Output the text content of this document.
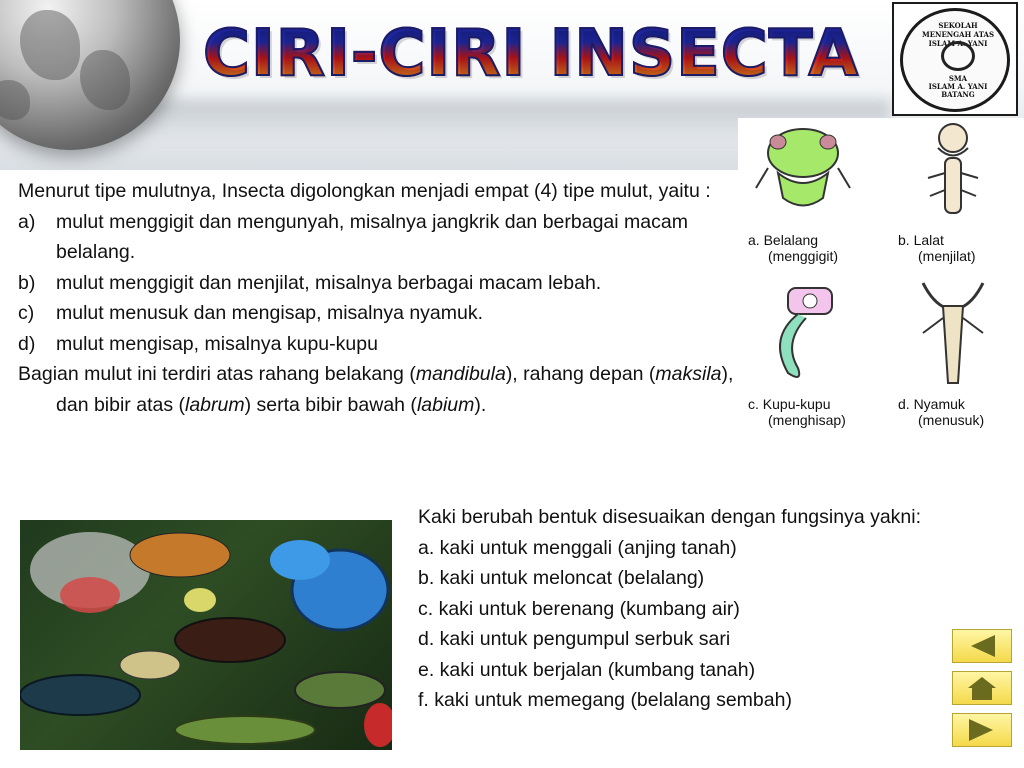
CIRI-CIRI INSECTA	SEKOLAH MENENGAH ATAS ISLAM A. YANI
SMA
ISLAM A. YANI
BATANG
a. Belalang
(menggigit)
b. Lalat
(menjilat)
c. Kupu-kupu
(menghisap)
d. Nyamuk
(menusuk)

Menurut tipe mulutnya, Insecta digolongkan menjadi empat (4) tipe mulut, yaitu :

a)	mulut menggigit dan mengunyah, misalnya jangkrik dan berbagai macam belalang.

b)	mulut menggigit dan menjilat, misalnya berbagai macam lebah.

c)	mulut menusuk dan mengisap, misalnya nyamuk.

d)	mulut mengisap, misalnya kupu-kupu

Bagian mulut ini terdiri atas rahang belakang (mandibula), rahang depan (maksila), dan bibir atas (labrum) serta bibir bawah (labium).

Kaki berubah bentuk disesuaikan dengan fungsinya yakni:

a. kaki untuk menggali (anjing tanah)

b. kaki untuk meloncat (belalang)

c. kaki untuk berenang (kumbang air)

d. kaki untuk pengumpul serbuk sari

e. kaki untuk berjalan (kumbang tanah)

f. kaki untuk memegang (belalang sembah)
